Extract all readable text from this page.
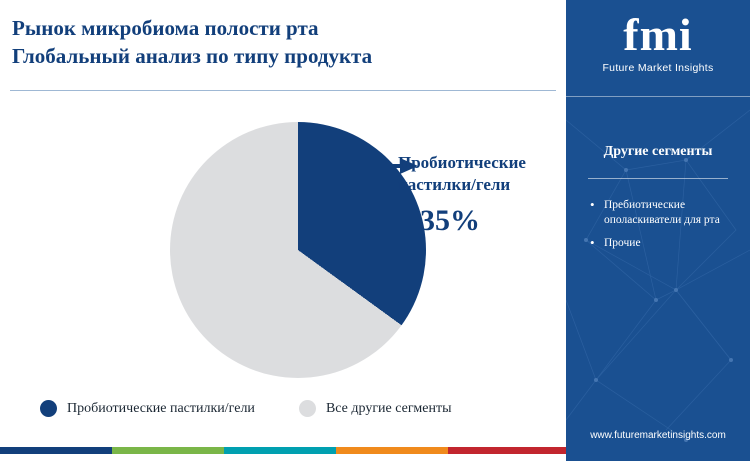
Рынок микробиома полости рта
Глобальный анализ по типу продукта
Пробиотические пастилки/гели
35%
Пробиотические пастилки/гели	Все другие сегменты
fmi
Future Market Insights
Другие сегменты
• Пребиотические ополаскиватели для рта
• Прочие
www.futuremarketinsights.com
